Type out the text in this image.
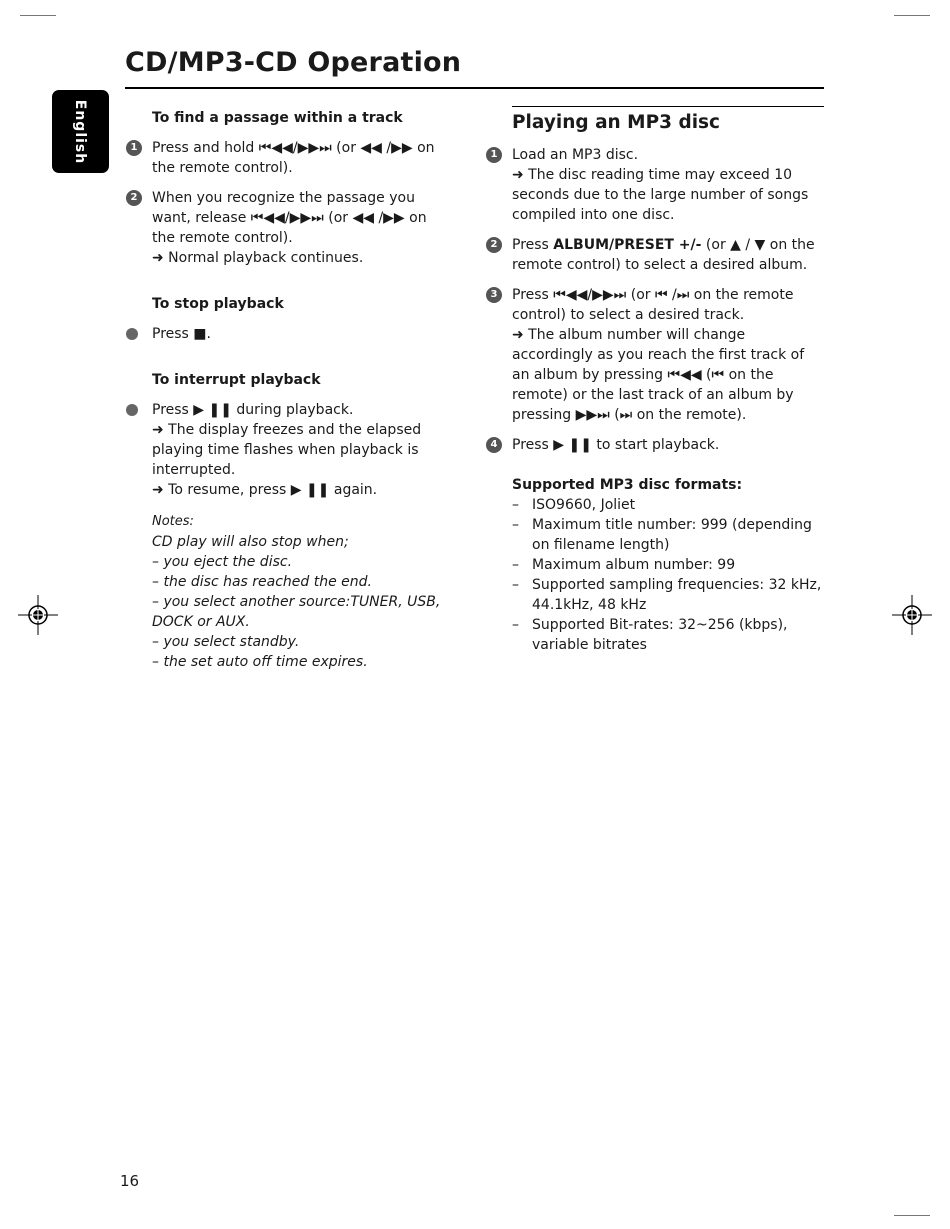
English
CD/MP3-CD Operation
To find a passage within a track
1	Press and hold ⏮◀◀/▶▶⏭ (or ◀◀ /▶▶ on the remote control).
2	When you recognize the passage you want, release ⏮◀◀/▶▶⏭ (or ◀◀ /▶▶ on the remote control).
➜ Normal playback continues.
To stop playback
Press ■.
To interrupt playback
Press ▶ ❚❚ during playback.
➜ The display freezes and the elapsed playing time flashes when playback is interrupted.
➜ To resume, press ▶ ❚❚ again.
Notes:
CD play will also stop when;
– you eject the disc.
– the disc has reached the end.
– you select another source:TUNER, USB, DOCK or AUX.
– you select standby.
– the set auto off time expires.
Playing an MP3 disc
1	Load an MP3 disc.
➜ The disc reading time may exceed 10 seconds due to the large number of songs compiled into one disc.
2	Press ALBUM/PRESET +/- (or ▲ / ▼ on the remote control) to select a desired album.
3	Press ⏮◀◀/▶▶⏭ (or ⏮ /⏭ on the remote control) to select a desired track.
➜ The album number will change accordingly as you reach the first track of an album by pressing ⏮◀◀ (⏮ on the remote) or the last track of an album by pressing ▶▶⏭ (⏭ on the remote).
4	Press ▶ ❚❚ to start playback.
Supported MP3 disc formats:
– ISO9660, Joliet
– Maximum title number: 999 (depending on filename length)
– Maximum album number: 99
– Supported sampling frequencies: 32 kHz, 44.1kHz, 48 kHz
– Supported Bit-rates: 32~256 (kbps), variable bitrates

16
